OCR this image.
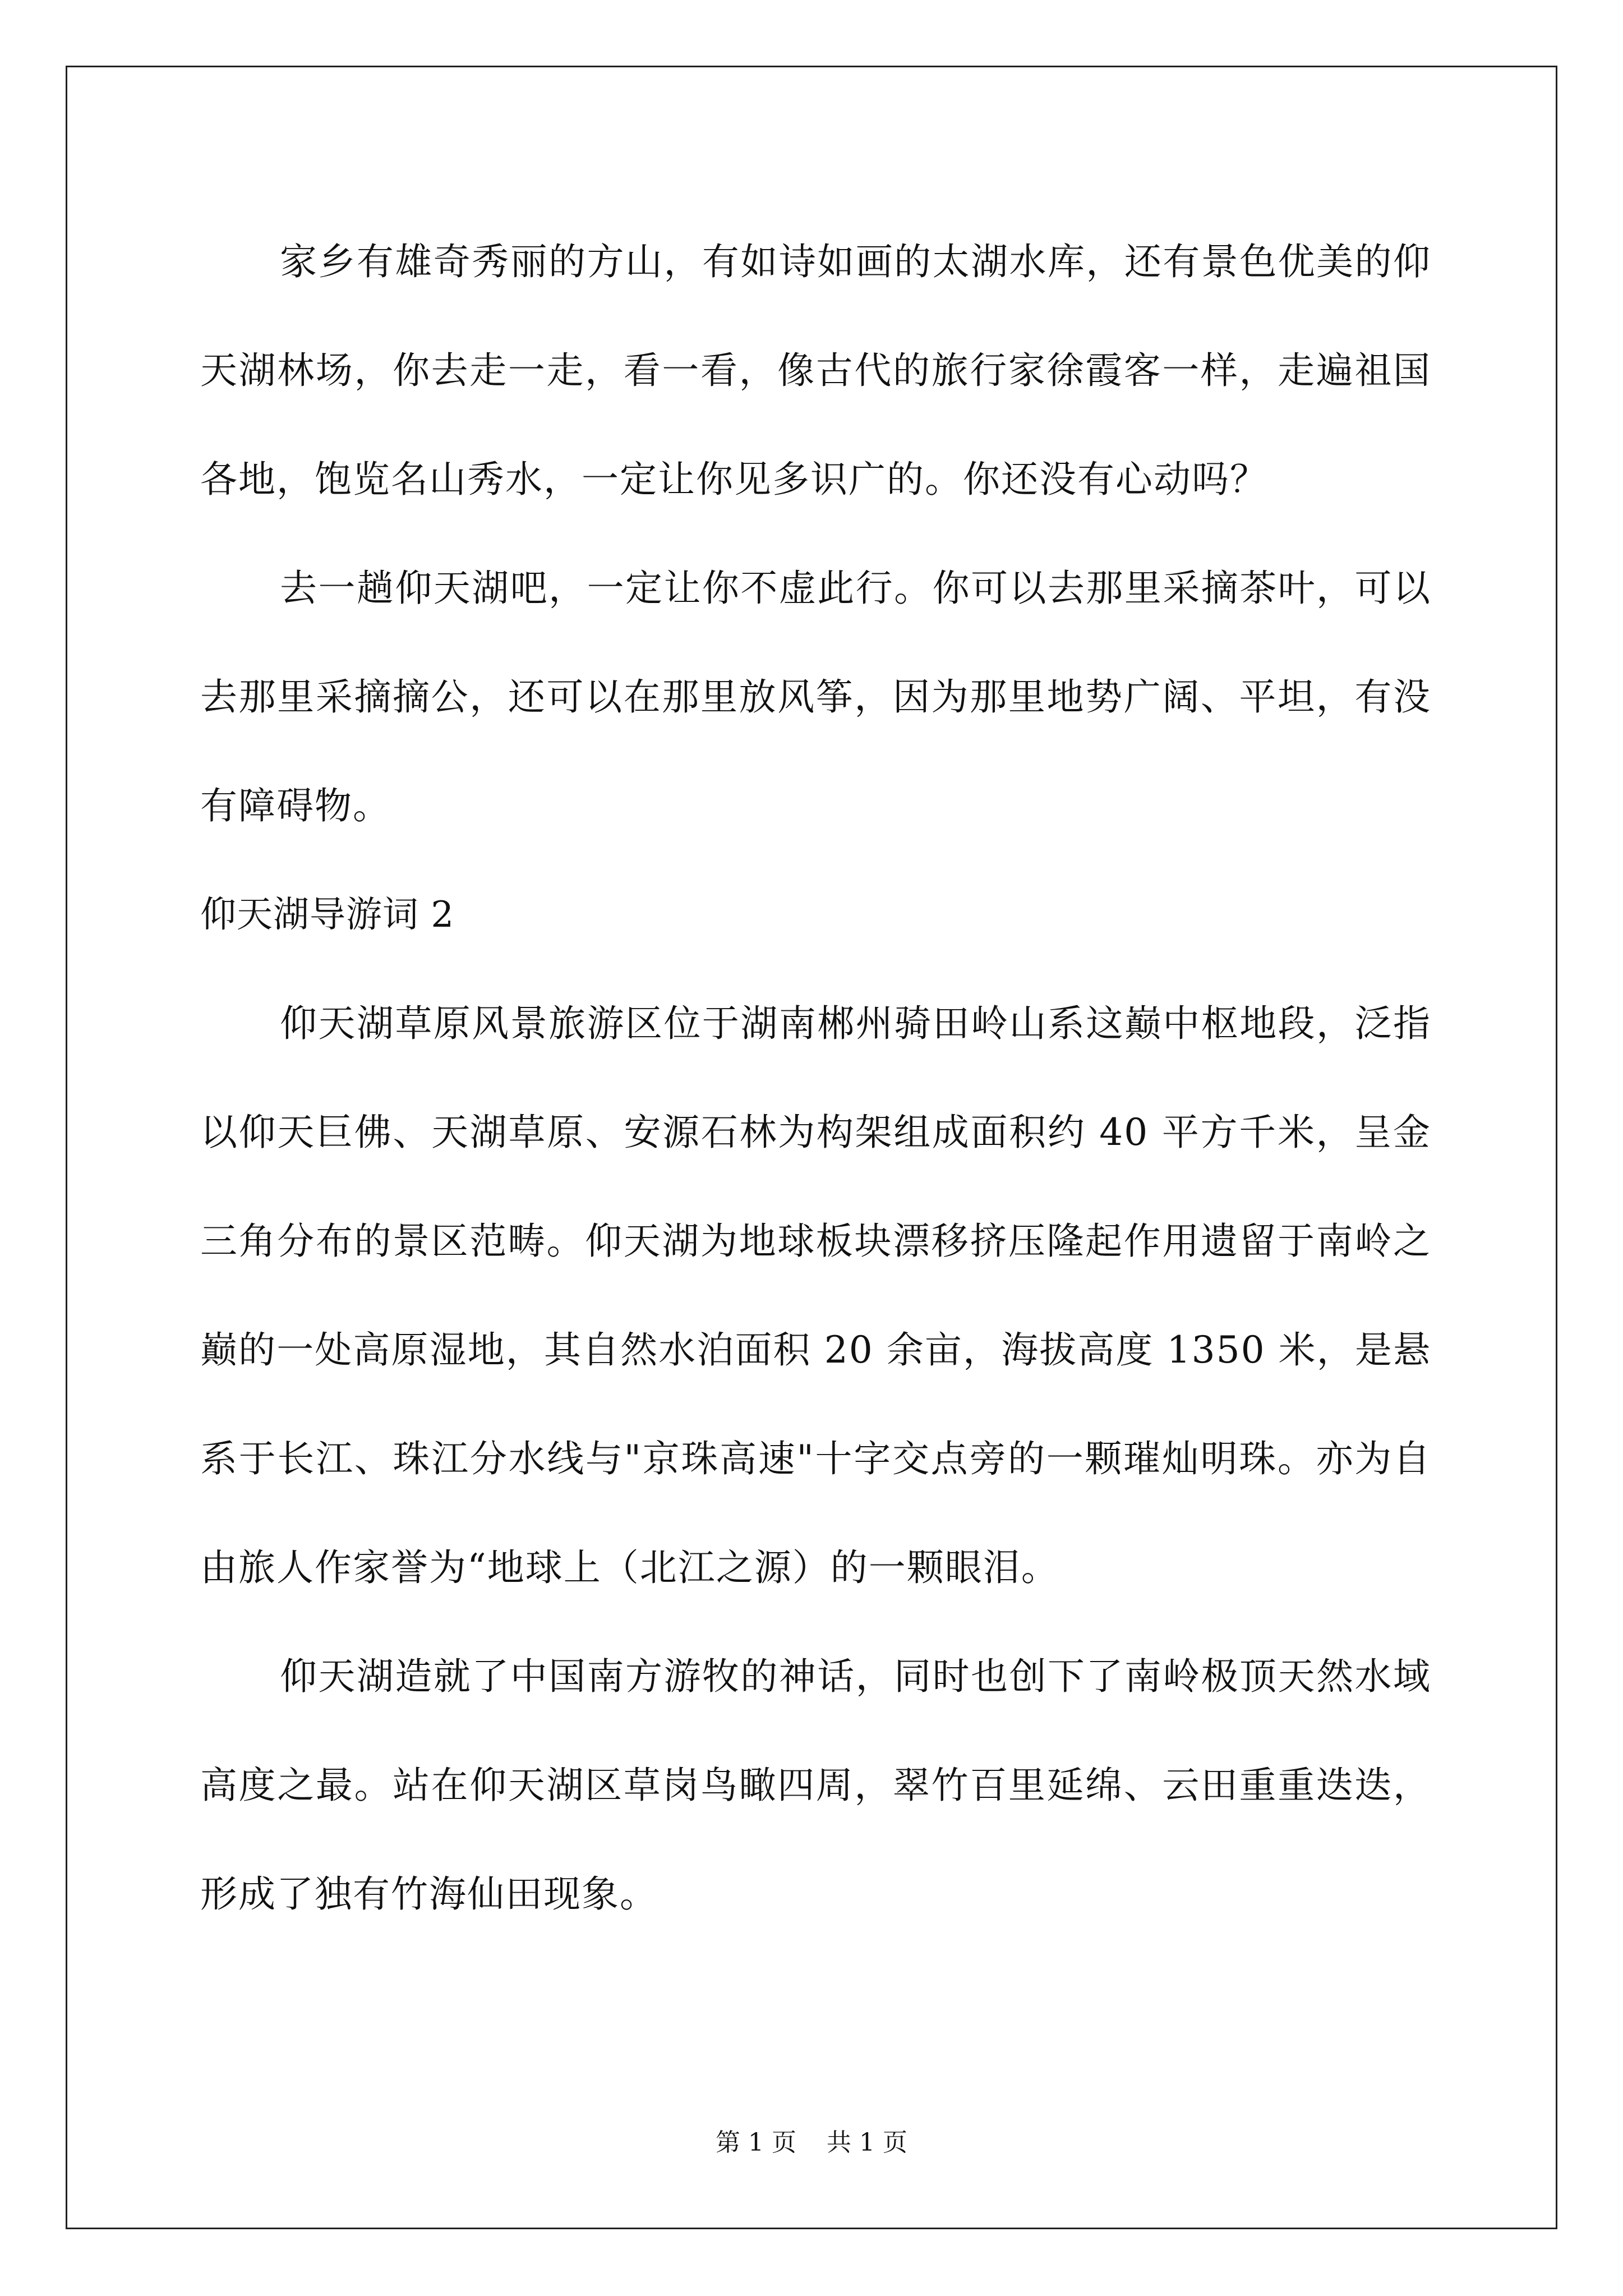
家乡有雄奇秀丽的方山，有如诗如画的太湖水库，还有景色优美的仰天湖林场，你去走一走，看一看，像古代的旅行家徐霞客一样，走遍祖国各地，饱览名山秀水，一定让你见多识广的。你还没有心动吗？

去一趟仰天湖吧，一定让你不虚此行。你可以去那里采摘茶叶，可以去那里采摘摘公，还可以在那里放风筝，因为那里地势广阔、平坦，有没有障碍物。

仰天湖导游词 2

仰天湖草原风景旅游区位于湖南郴州骑田岭山系这巅中枢地段，泛指以仰天巨佛、天湖草原、安源石林为构架组成面积约 40 平方千米，呈金三角分布的景区范畴。仰天湖为地球板块漂移挤压隆起作用遗留于南岭之巅的一处高原湿地，其自然水泊面积 20 余亩，海拔高度 1350 米，是悬系于长江、珠江分水线与"京珠高速"十字交点旁的一颗璀灿明珠。亦为自由旅人作家誉为“地球上（北江之源）的一颗眼泪。

仰天湖造就了中国南方游牧的神话，同时也创下了南岭极顶天然水域高度之最。站在仰天湖区草岗鸟瞰四周，翠竹百里延绵、云田重重迭迭，形成了独有竹海仙田现象。

第 1 页 共 1 页
